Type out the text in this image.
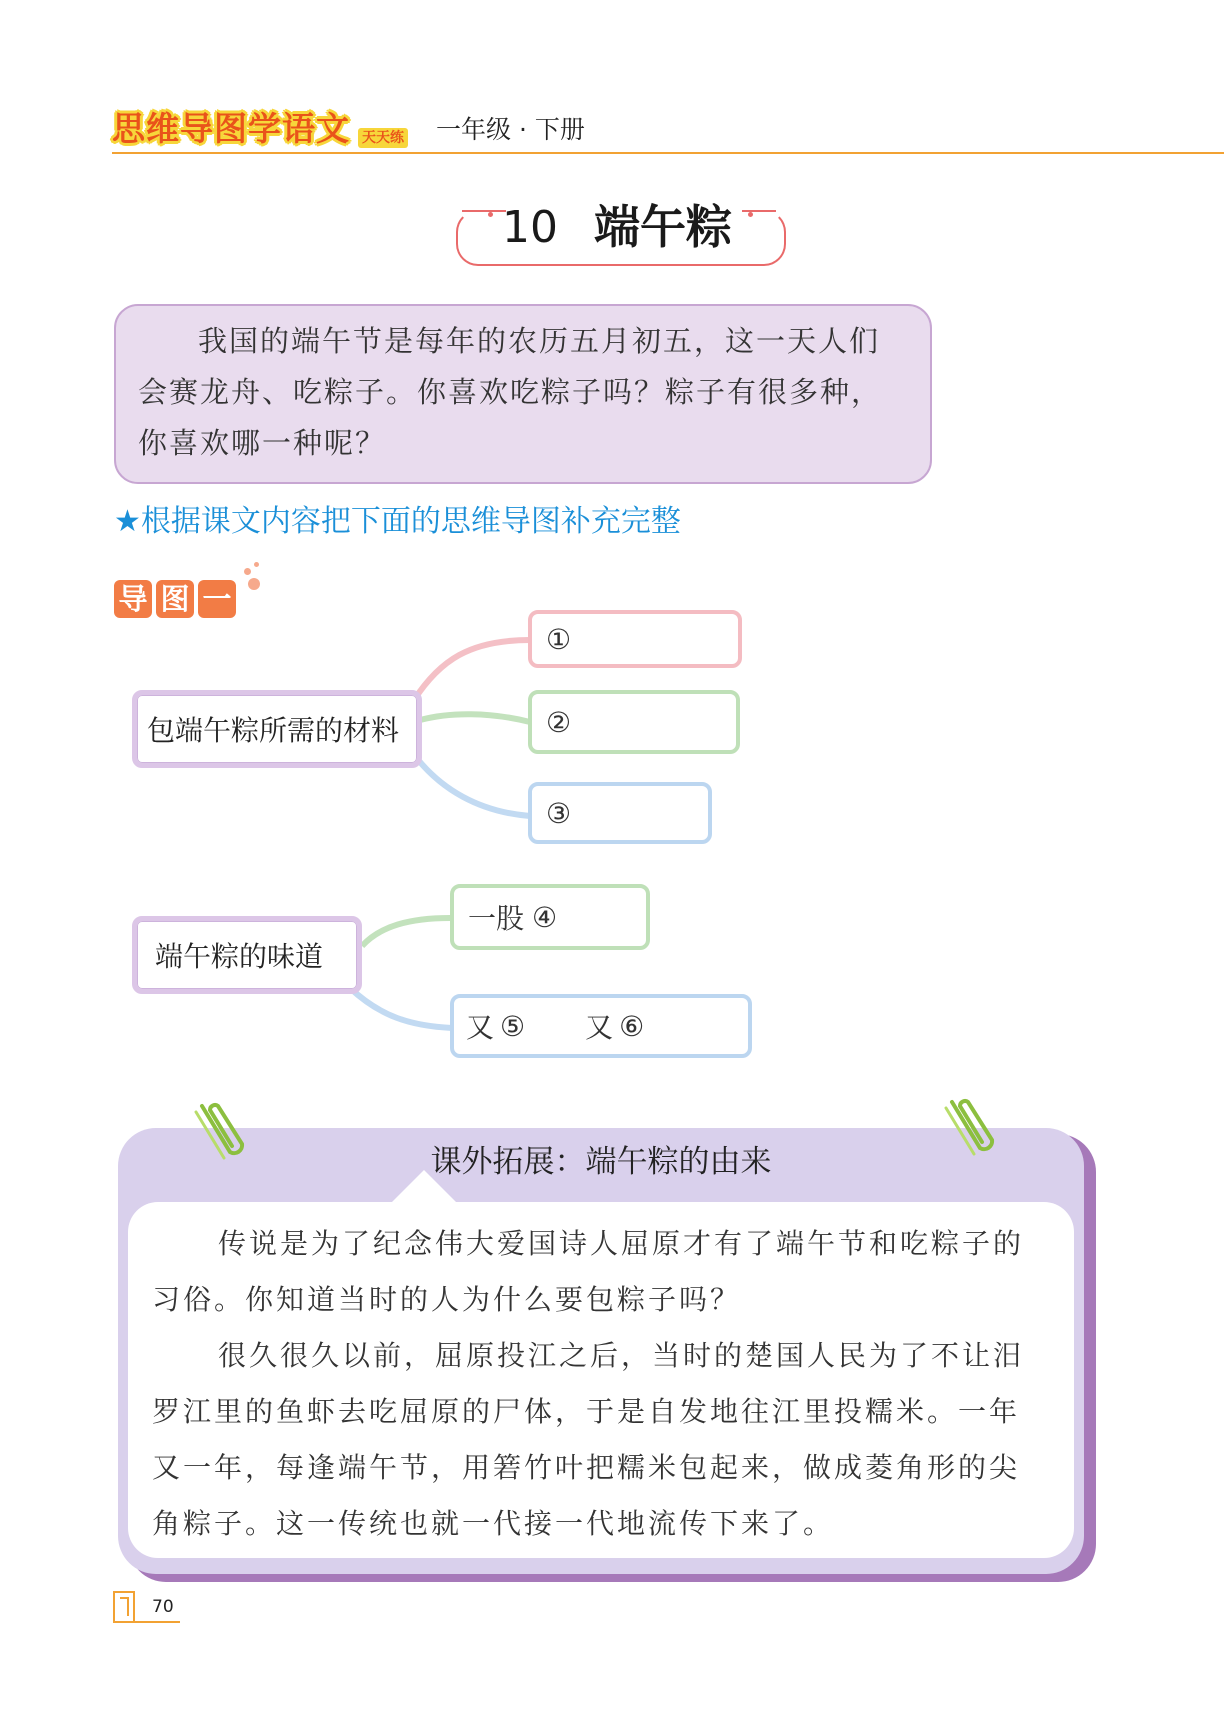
思维导图学语文 天天练 一年级 · 下册
10 端午粽
我国的端午节是每年的农历五月初五，这一天人们会赛龙舟、吃粽子。你喜欢吃粽子吗？粽子有很多种，你喜欢哪一种呢？
★根据课文内容把下面的思维导图补充完整
导 图 一
包端午粽所需的材料
①
②
③
端午粽的味道
一股 ④
又 ⑤ 又 ⑥
课外拓展：端午粽的由来

传说是为了纪念伟大爱国诗人屈原才有了端午节和吃粽子的习俗。你知道当时的人为什么要包粽子吗？

很久很久以前，屈原投江之后，当时的楚国人民为了不让汨罗江里的鱼虾去吃屈原的尸体，于是自发地往江里投糯米。一年又一年，每逢端午节，用箬竹叶把糯米包起来，做成菱角形的尖角粽子。这一传统也就一代接一代地流传下来了。

70
